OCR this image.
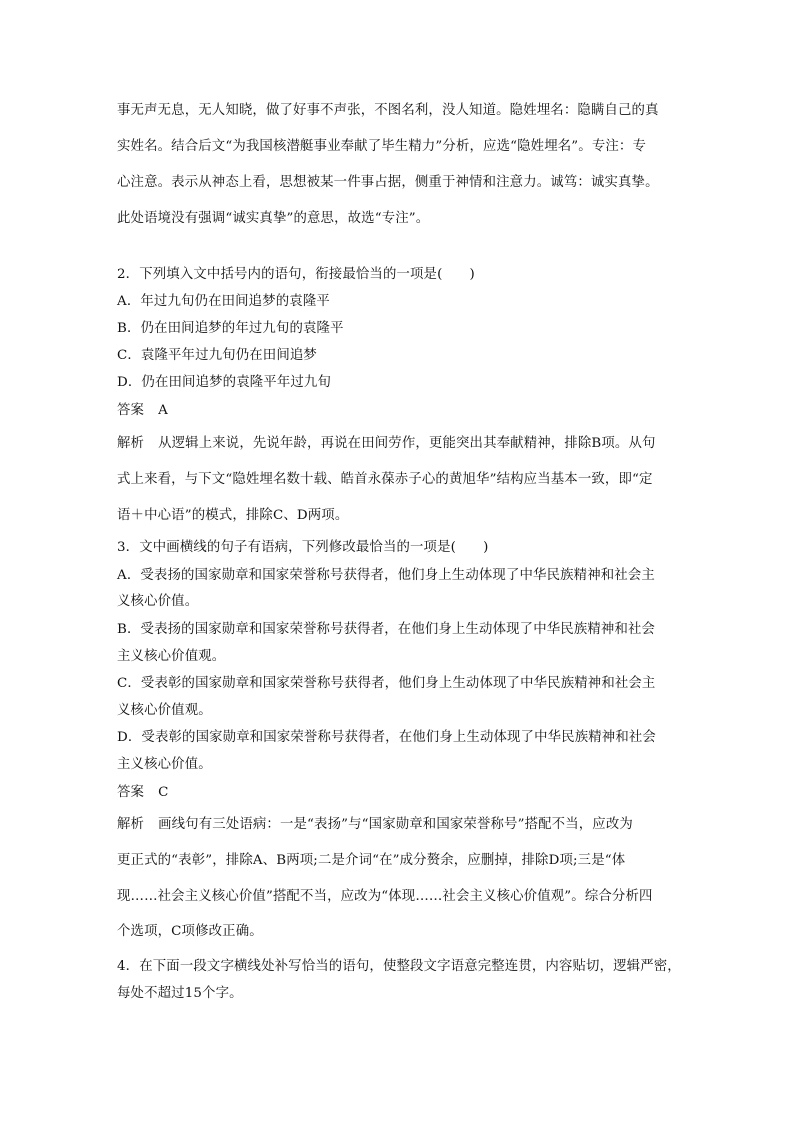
事无声无息，无人知晓，做了好事不声张，不图名利，没人知道。隐姓埋名：隐瞒自己的真
实姓名。结合后文“为我国核潜艇事业奉献了毕生精力”分析，应选“隐姓埋名”。专注：专
心注意。表示从神态上看，思想被某一件事占据，侧重于神情和注意力。诚笃：诚实真挚。
此处语境没有强调“诚实真挚”的意思，故选“专注”。
2．下列填入文中括号内的语句，衔接最恰当的一项是(　　)
A．年过九旬仍在田间追梦的袁隆平
B．仍在田间追梦的年过九旬的袁隆平
C．袁隆平年过九旬仍在田间追梦
D．仍在田间追梦的袁隆平年过九旬
答案 A
解析 从逻辑上来说，先说年龄，再说在田间劳作，更能突出其奉献精神，排除B项。从句
式上来看，与下文“隐姓埋名数十载、皓首永葆赤子心的黄旭华”结构应当基本一致，即“定
语＋中心语”的模式，排除C、D两项。
3．文中画横线的句子有语病，下列修改最恰当的一项是(　　)
A．受表扬的国家勋章和国家荣誉称号获得者，他们身上生动体现了中华民族精神和社会主
义核心价值。
B．受表扬的国家勋章和国家荣誉称号获得者，在他们身上生动体现了中华民族精神和社会
主义核心价值观。
C．受表彰的国家勋章和国家荣誉称号获得者，他们身上生动体现了中华民族精神和社会主
义核心价值观。
D．受表彰的国家勋章和国家荣誉称号获得者，在他们身上生动体现了中华民族精神和社会
主义核心价值。
答案 C
解析 画线句有三处语病：一是“表扬”与“国家勋章和国家荣誉称号”搭配不当，应改为
更正式的“表彰”，排除A、B两项;二是介词“在”成分赘余，应删掉，排除D项;三是“体
现……社会主义核心价值”搭配不当，应改为“体现……社会主义核心价值观”。综合分析四
个选项，C项修改正确。
4．在下面一段文字横线处补写恰当的语句，使整段文字语意完整连贯，内容贴切，逻辑严密，
每处不超过15个字。
